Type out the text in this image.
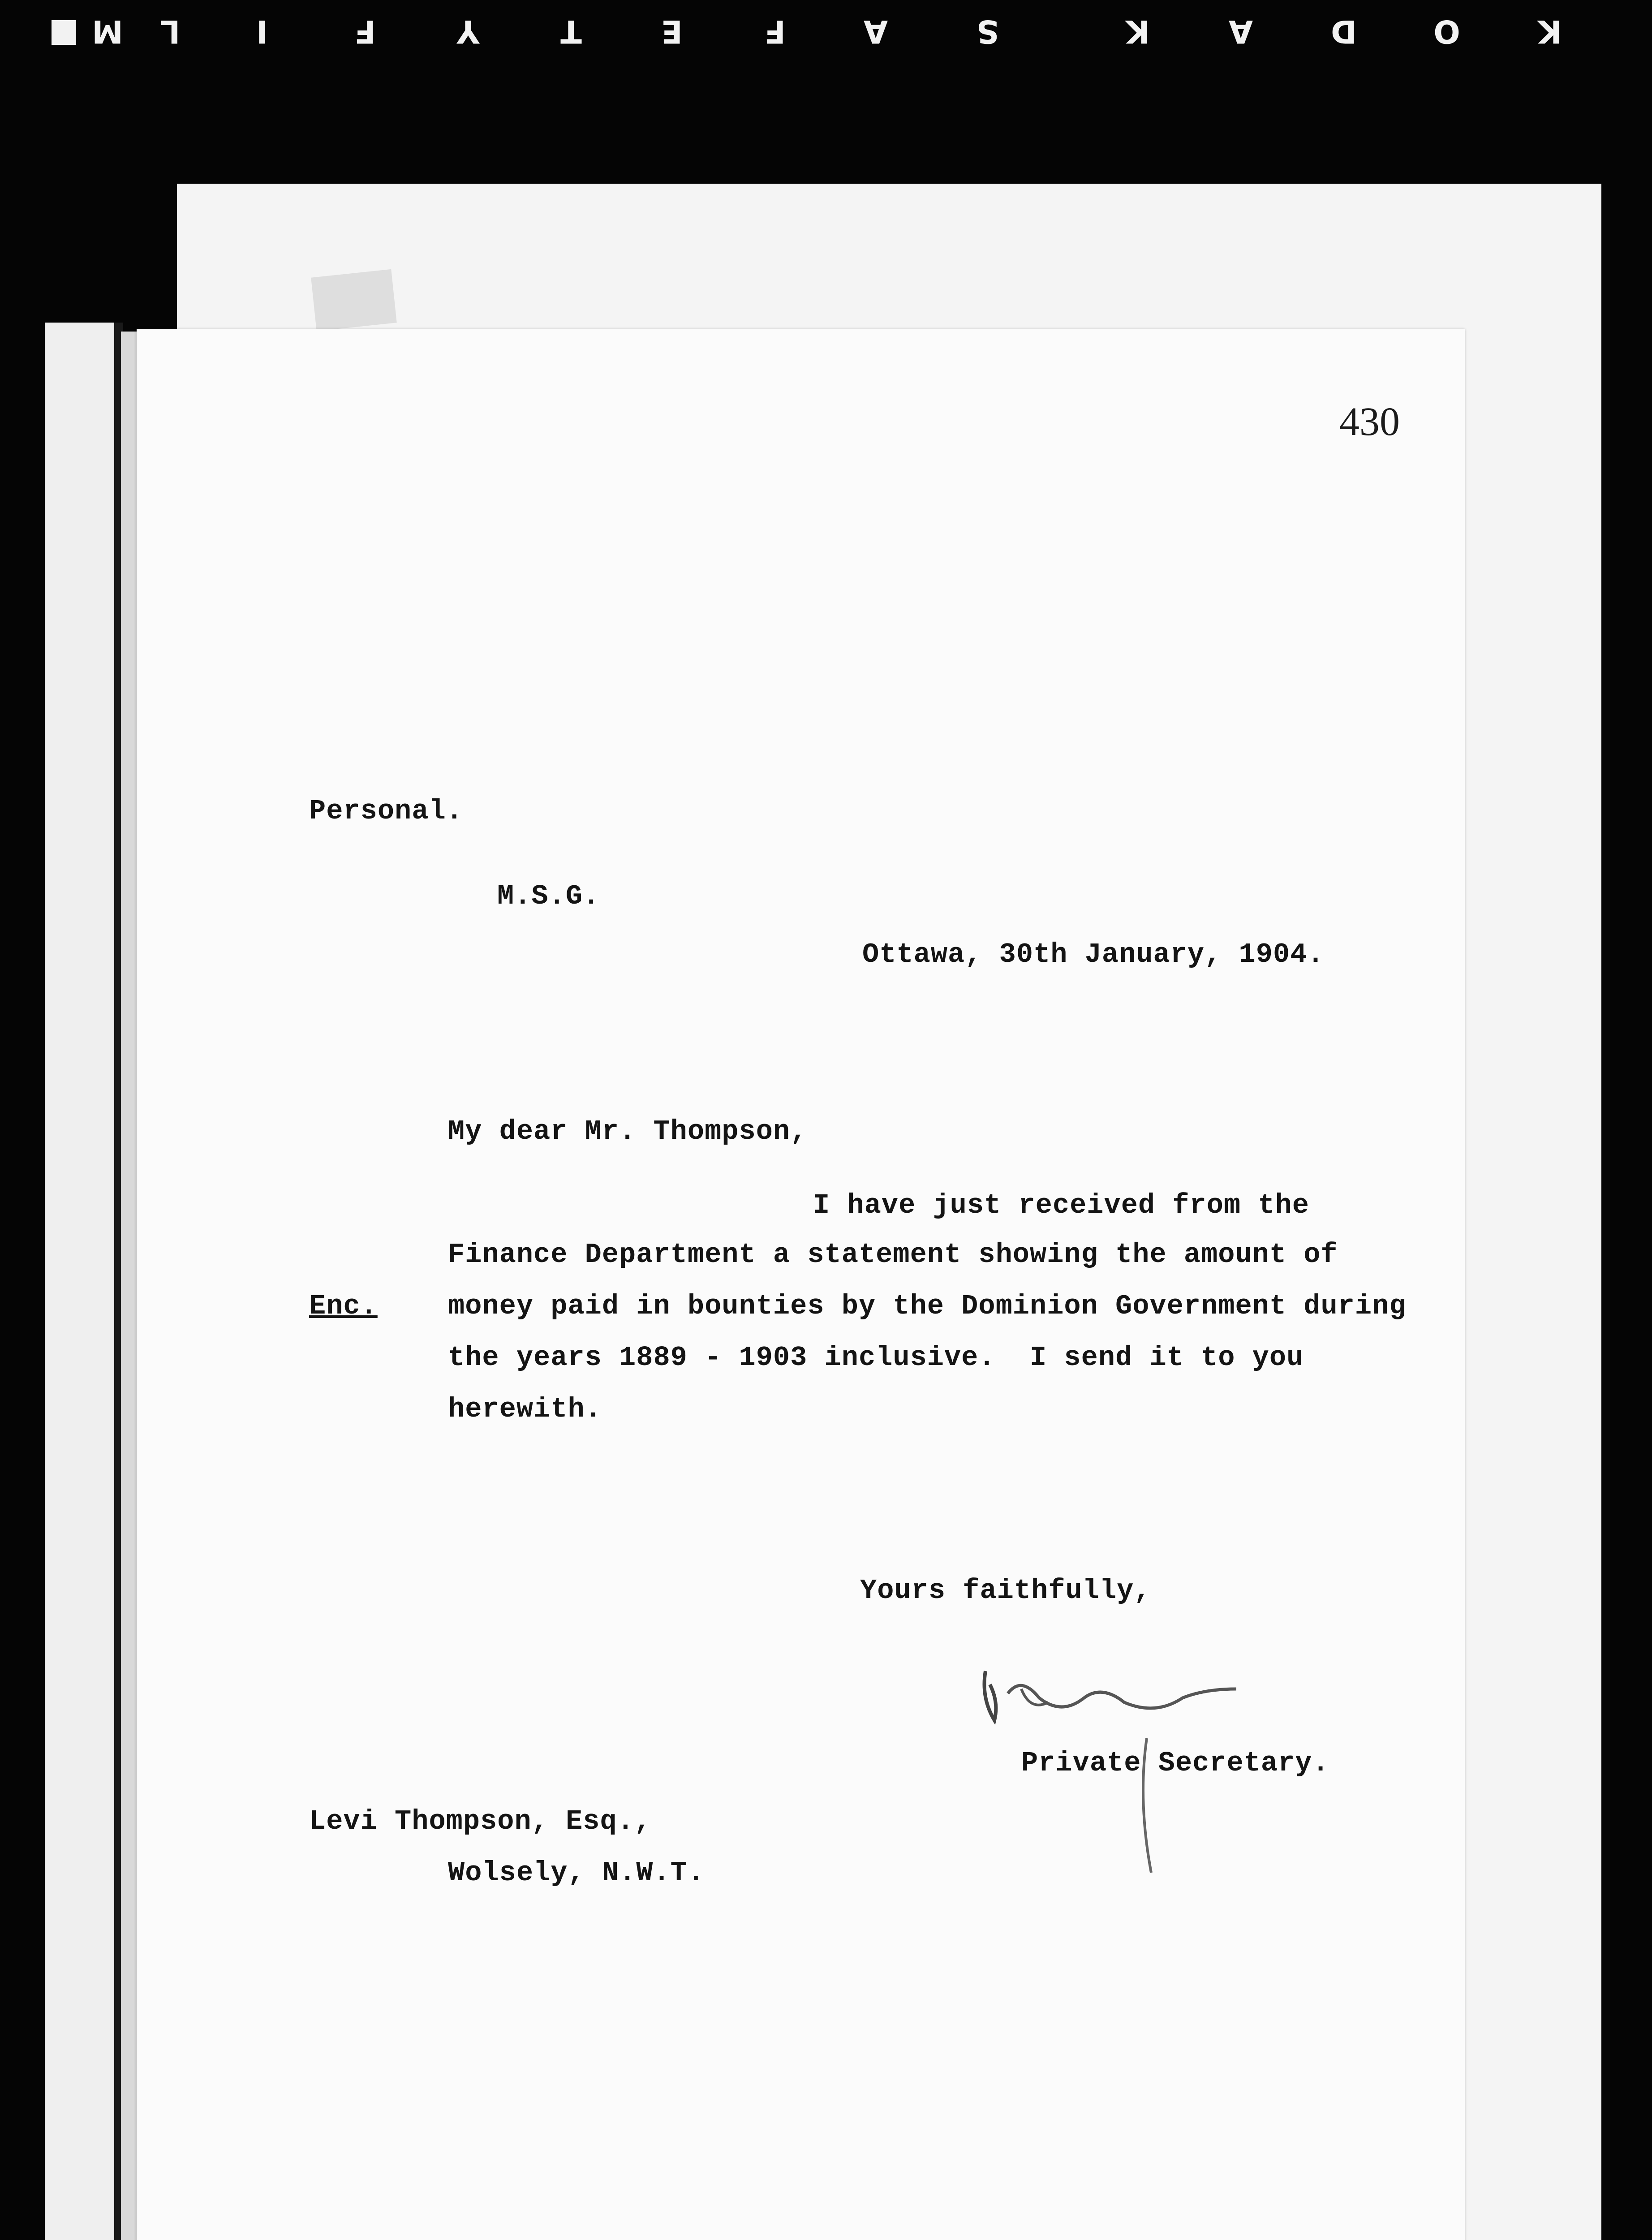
K
O
D
A
K
S
A
F
E
T
Y
F
I
L
M
430
Personal.
M.S.G.
Ottawa, 30th January, 1904.
My dear Mr. Thompson,
I have just received from the
Finance Department a statement showing the amount of
money paid in bounties by the Dominion Government during
the years 1889 - 1903 inclusive.  I send it to you
herewith.
Enc.
Yours faithfully,
Private Secretary.
Levi Thompson, Esq.,
Wolsely, N.W.T.
